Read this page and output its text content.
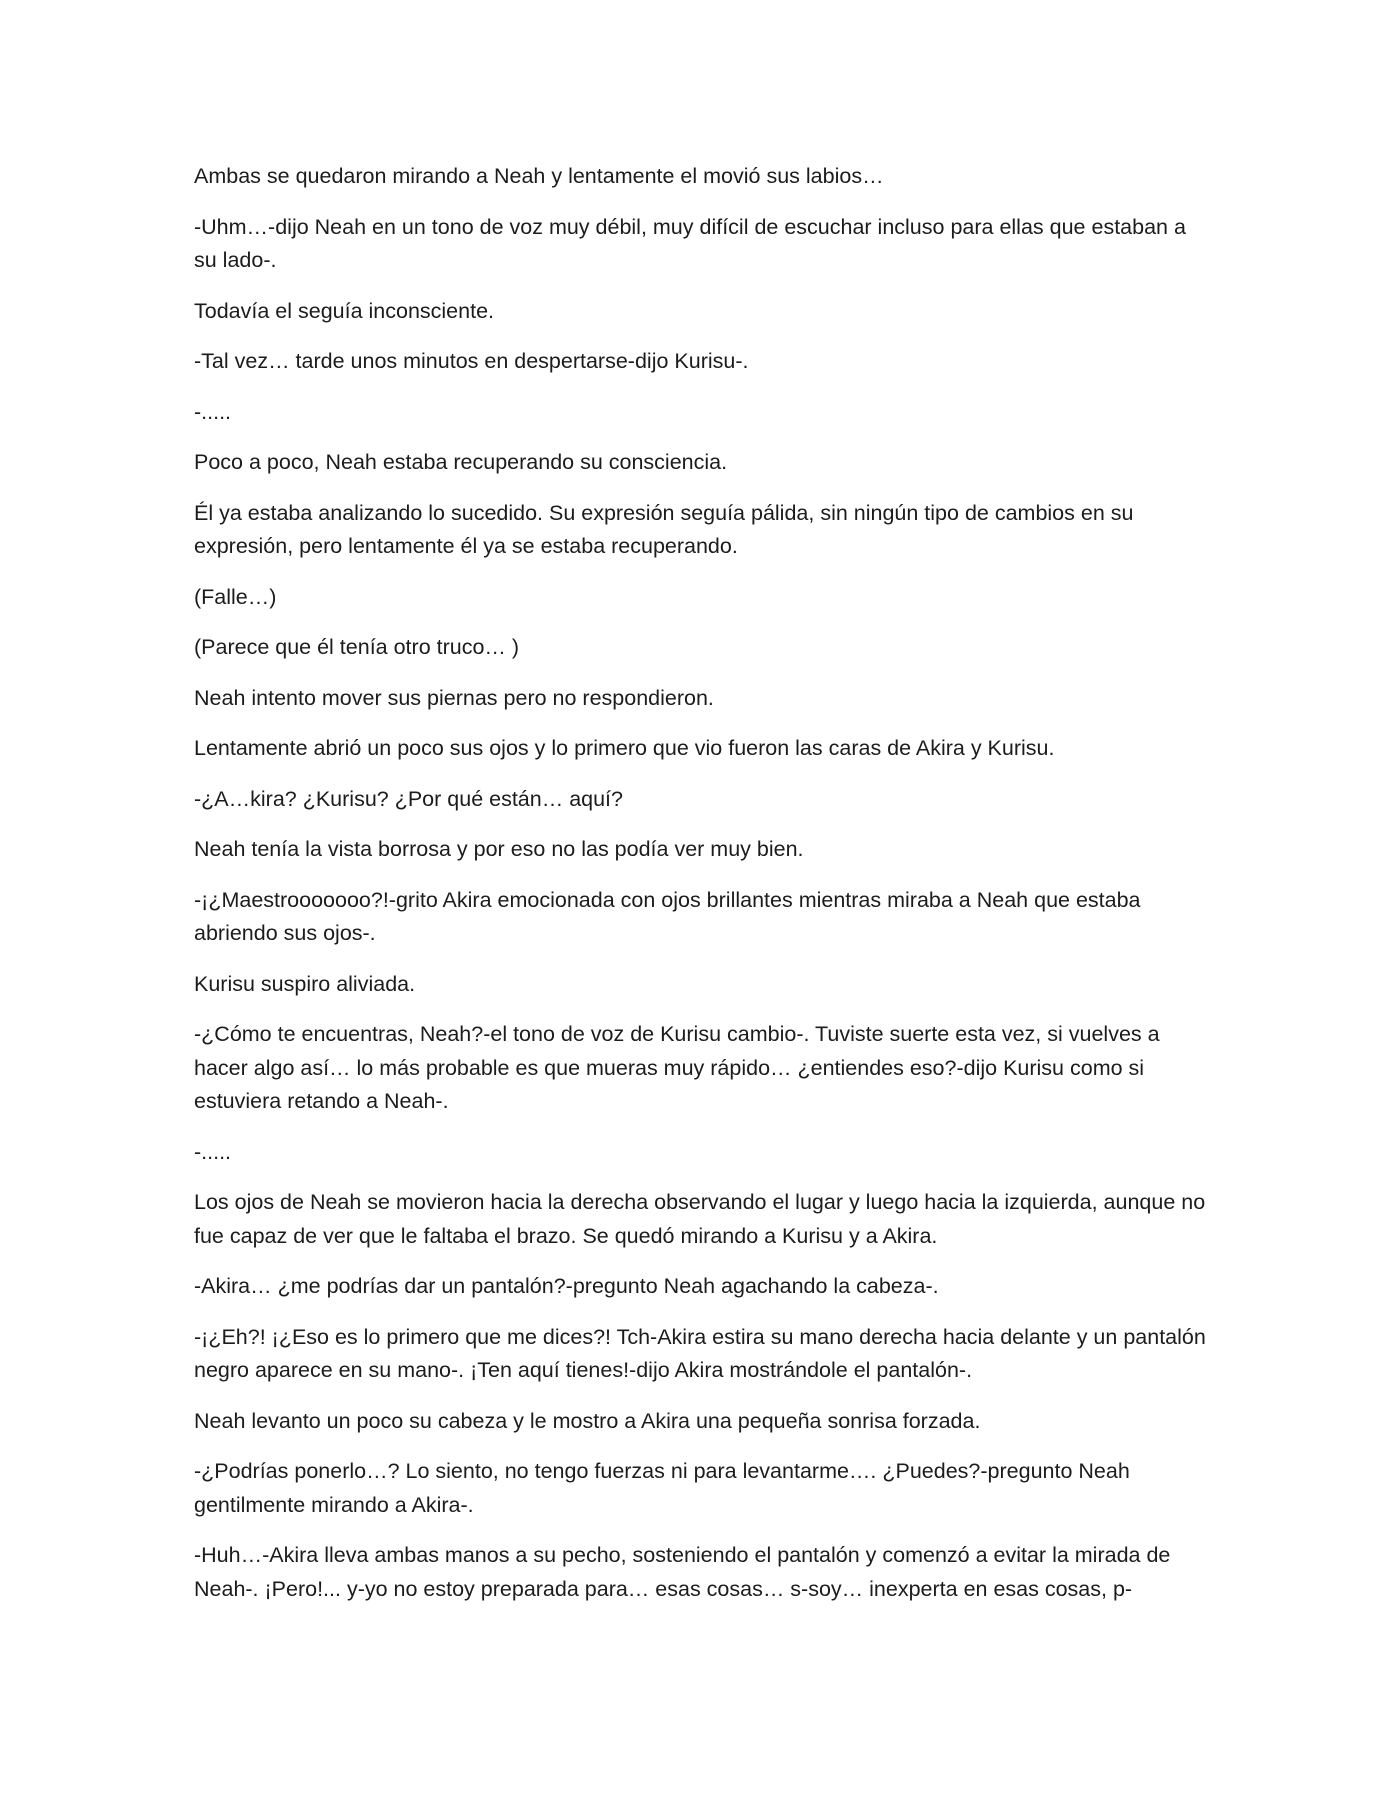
Ambas se quedaron mirando a Neah y lentamente el movió sus labios…

-Uhm…-dijo Neah en un tono de voz muy débil, muy difícil de escuchar incluso para ellas que estaban a su lado-.

Todavía el seguía inconsciente.

-Tal vez… tarde unos minutos en despertarse-dijo Kurisu-.

-.....

Poco a poco, Neah estaba recuperando su consciencia.

Él ya estaba analizando lo sucedido. Su expresión seguía pálida, sin ningún tipo de cambios en su expresión, pero lentamente él ya se estaba recuperando.

(Falle…)

(Parece que él tenía otro truco… )

Neah intento mover sus piernas pero no respondieron.

Lentamente abrió un poco sus ojos y lo primero que vio fueron las caras de Akira y Kurisu.

-¿A…kira? ¿Kurisu? ¿Por qué están… aquí?

Neah tenía la vista borrosa y por eso no las podía ver muy bien.

-¡¿Maestrooooooo?!-grito Akira emocionada con ojos brillantes mientras miraba a Neah que estaba abriendo sus ojos-.

Kurisu suspiro aliviada.

-¿Cómo te encuentras, Neah?-el tono de voz de Kurisu cambio-. Tuviste suerte esta vez, si vuelves a hacer algo así… lo más probable es que mueras muy rápido… ¿entiendes eso?-dijo Kurisu como si estuviera retando a Neah-.

-.....

Los ojos de Neah se movieron hacia la derecha observando el lugar y luego hacia la izquierda, aunque no fue capaz de ver que le faltaba el brazo. Se quedó mirando a Kurisu y a Akira.

-Akira… ¿me podrías dar un pantalón?-pregunto Neah agachando la cabeza-.

-¡¿Eh?! ¡¿Eso es lo primero que me dices?! Tch-Akira estira su mano derecha hacia delante y un pantalón negro aparece en su mano-. ¡Ten aquí tienes!-dijo Akira mostrándole el pantalón-.

Neah levanto un poco su cabeza y le mostro a Akira una pequeña sonrisa forzada.

-¿Podrías ponerlo…? Lo siento, no tengo fuerzas ni para levantarme…. ¿Puedes?-pregunto Neah gentilmente mirando a Akira-.

-Huh…-Akira lleva ambas manos a su pecho, sosteniendo el pantalón y comenzó a evitar la mirada de Neah-. ¡Pero!... y-yo no estoy preparada para… esas cosas… s-soy… inexperta en esas cosas, p-
